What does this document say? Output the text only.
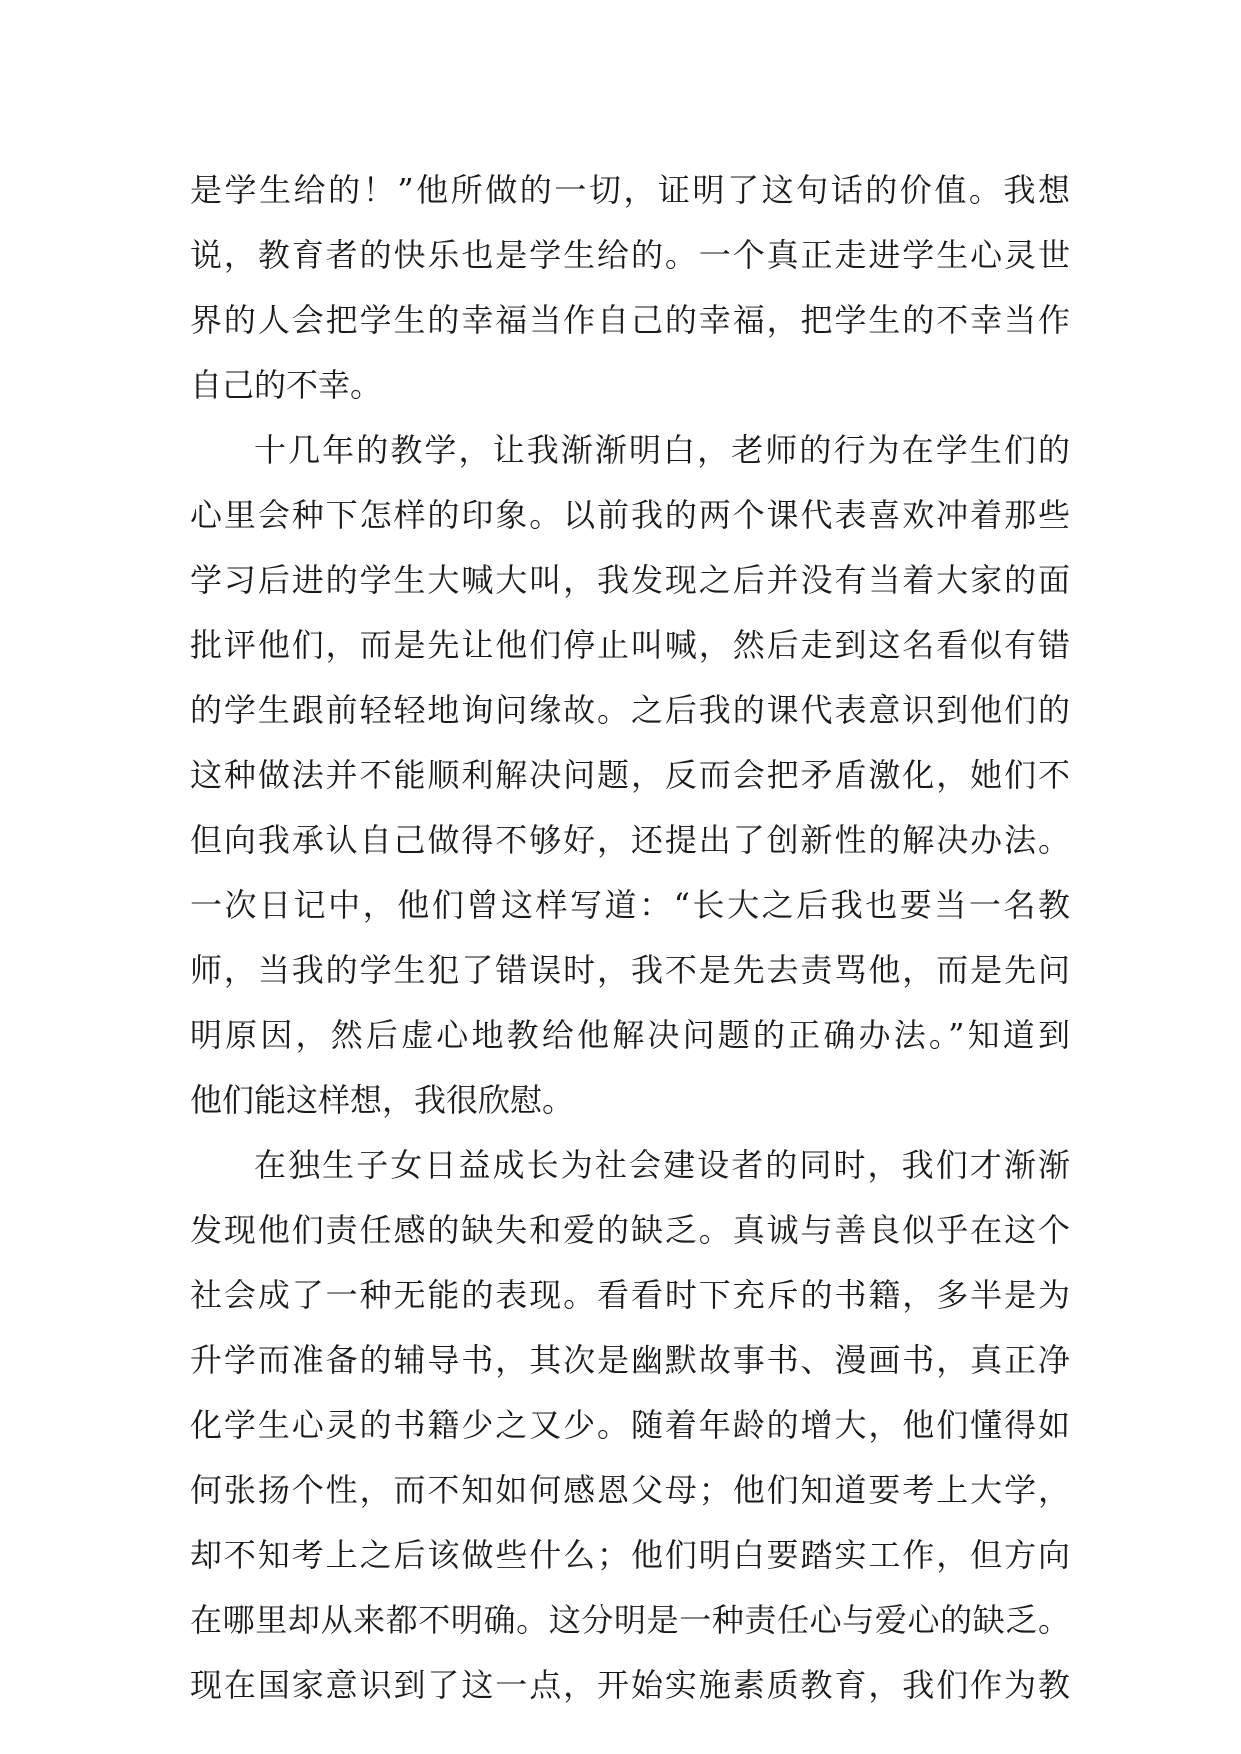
是学生给的！”他所做的一切，证明了这句话的价值。我想
说，教育者的快乐也是学生给的。一个真正走进学生心灵世
界的人会把学生的幸福当作自己的幸福，把学生的不幸当作
自己的不幸。
十几年的教学，让我渐渐明白，老师的行为在学生们的
心里会种下怎样的印象。以前我的两个课代表喜欢冲着那些
学习后进的学生大喊大叫，我发现之后并没有当着大家的面
批评他们，而是先让他们停止叫喊，然后走到这名看似有错
的学生跟前轻轻地询问缘故。之后我的课代表意识到他们的
这种做法并不能顺利解决问题，反而会把矛盾激化，她们不
但向我承认自己做得不够好，还提出了创新性的解决办法。
一次日记中，他们曾这样写道：“长大之后我也要当一名教
师，当我的学生犯了错误时，我不是先去责骂他，而是先问
明原因，然后虚心地教给他解决问题的正确办法。”知道到
他们能这样想，我很欣慰。
在独生子女日益成长为社会建设者的同时，我们才渐渐
发现他们责任感的缺失和爱的缺乏。真诚与善良似乎在这个
社会成了一种无能的表现。看看时下充斥的书籍，多半是为
升学而准备的辅导书，其次是幽默故事书、漫画书，真正净
化学生心灵的书籍少之又少。随着年龄的增大，他们懂得如
何张扬个性，而不知如何感恩父母；他们知道要考上大学，
却不知考上之后该做些什么；他们明白要踏实工作，但方向
在哪里却从来都不明确。这分明是一种责任心与爱心的缺乏。
现在国家意识到了这一点，开始实施素质教育，我们作为教
